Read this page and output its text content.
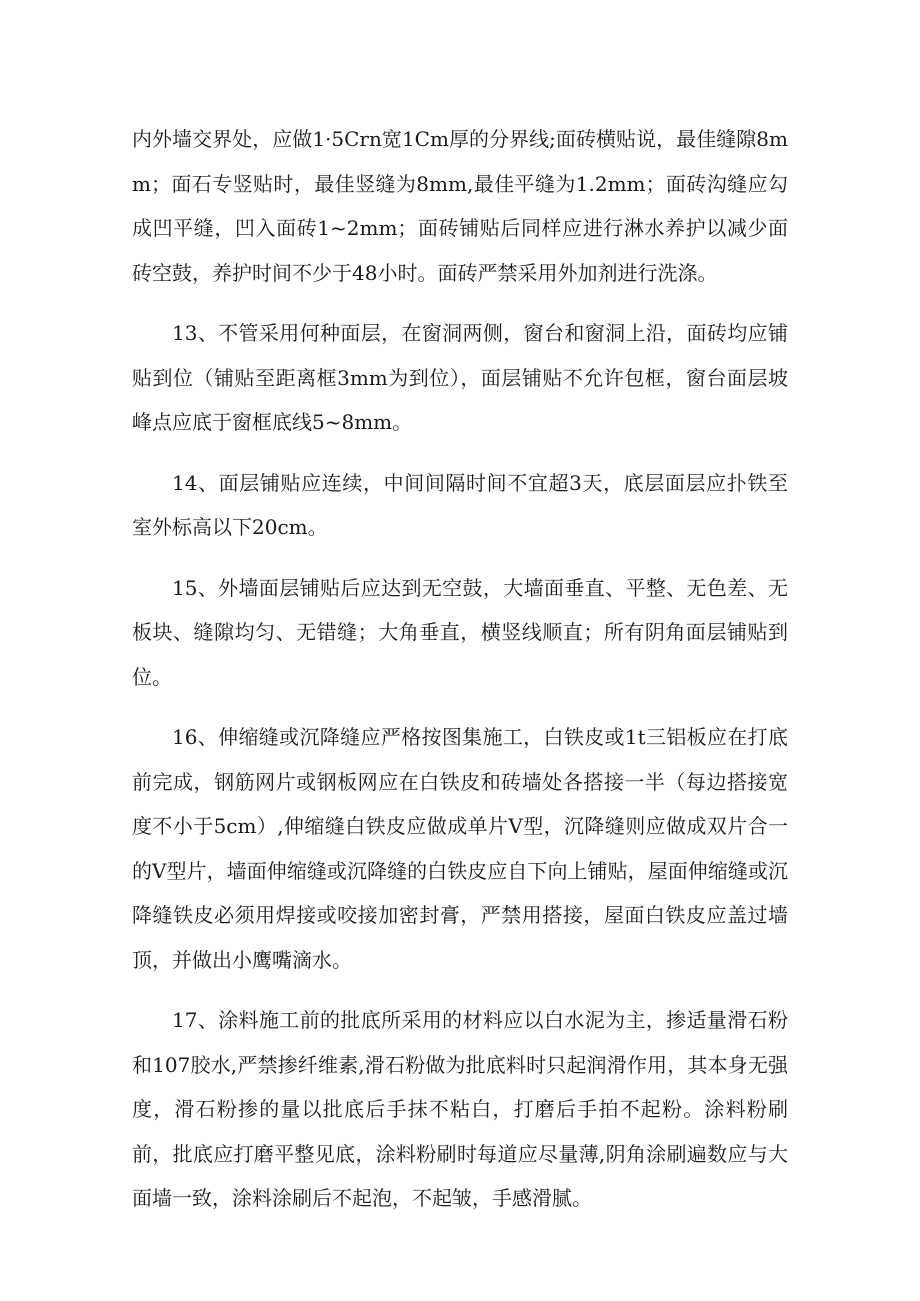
内外墙交界处，应做1·5Crn宽1Cm厚的分界线;面砖横贴说，最佳缝隙8mm；面石专竖贴时，最佳竖缝为8mm,最佳平缝为1.2mm；面砖沟缝应勾成凹平缝，凹入面砖1~2mm；面砖铺贴后同样应进行淋水养护以减少面砖空鼓，养护时间不少于48小时。面砖严禁采用外加剂进行洗涤。

13、不管采用何种面层，在窗洞两侧，窗台和窗洞上沿，面砖均应铺贴到位（铺贴至距离框3mm为到位），面层铺贴不允许包框，窗台面层坡峰点应底于窗框底线5~8mm。

14、面层铺贴应连续，中间间隔时间不宜超3天，底层面层应扑铁至室外标高以下20cm。

15、外墙面层铺贴后应达到无空鼓，大墙面垂直、平整、无色差、无板块、缝隙均匀、无错缝；大角垂直，横竖线顺直；所有阴角面层铺贴到位。

16、伸缩缝或沉降缝应严格按图集施工，白铁皮或1t三铝板应在打底前完成，钢筋网片或钢板网应在白铁皮和砖墙处各搭接一半（每边搭接宽度不小于5cm）,伸缩缝白铁皮应做成单片V型，沉降缝则应做成双片合一的V型片，墙面伸缩缝或沉降缝的白铁皮应自下向上铺贴，屋面伸缩缝或沉降缝铁皮必须用焊接或咬接加密封膏，严禁用搭接，屋面白铁皮应盖过墙顶，并做出小鹰嘴滴水。

17、涂料施工前的批底所采用的材料应以白水泥为主，掺适量滑石粉和107胶水,严禁掺纤维素,滑石粉做为批底料时只起润滑作用，其本身无强度，滑石粉掺的量以批底后手抹不粘白，打磨后手拍不起粉。涂料粉刷前，批底应打磨平整见底，涂料粉刷时每道应尽量薄,阴角涂刷遍数应与大面墙一致，涂料涂刷后不起泡，不起皱，手感滑腻。
